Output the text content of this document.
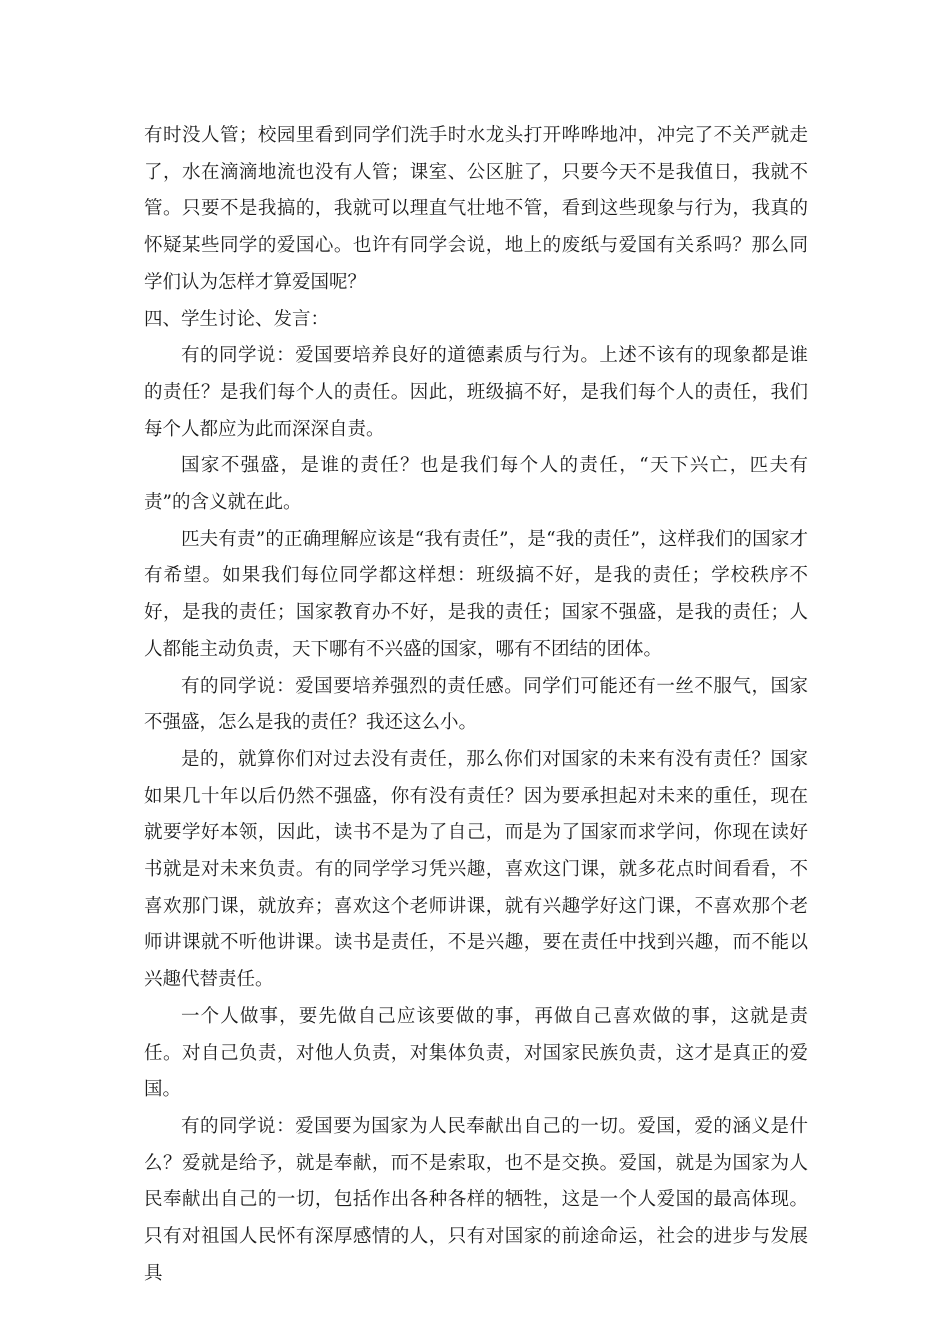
有时没人管；校园里看到同学们洗手时水龙头打开哗哗地冲，冲完了不关严就走了，水在滴滴地流也没有人管；课室、公区脏了，只要今天不是我值日，我就不管。只要不是我搞的，我就可以理直气壮地不管，看到这些现象与行为，我真的怀疑某些同学的爱国心。也许有同学会说，地上的废纸与爱国有关系吗？那么同学们认为怎样才算爱国呢？

四、学生讨论、发言：

有的同学说：爱国要培养良好的道德素质与行为。上述不该有的现象都是谁的责任？是我们每个人的责任。因此，班级搞不好，是我们每个人的责任，我们每个人都应为此而深深自责。

国家不强盛，是谁的责任？也是我们每个人的责任，“天下兴亡，匹夫有责”的含义就在此。

匹夫有责”的正确理解应该是“我有责任”，是“我的责任”，这样我们的国家才有希望。如果我们每位同学都这样想：班级搞不好，是我的责任；学校秩序不好，是我的责任；国家教育办不好，是我的责任；国家不强盛，是我的责任；人人都能主动负责，天下哪有不兴盛的国家，哪有不团结的团体。

有的同学说：爱国要培养强烈的责任感。同学们可能还有一丝不服气，国家不强盛，怎么是我的责任？我还这么小。

是的，就算你们对过去没有责任，那么你们对国家的未来有没有责任？国家如果几十年以后仍然不强盛，你有没有责任？因为要承担起对未来的重任，现在就要学好本领，因此，读书不是为了自己，而是为了国家而求学问，你现在读好书就是对未来负责。有的同学学习凭兴趣，喜欢这门课，就多花点时间看看，不喜欢那门课，就放弃；喜欢这个老师讲课，就有兴趣学好这门课，不喜欢那个老师讲课就不听他讲课。读书是责任，不是兴趣，要在责任中找到兴趣，而不能以兴趣代替责任。

一个人做事，要先做自己应该要做的事，再做自己喜欢做的事，这就是责任。对自己负责，对他人负责，对集体负责，对国家民族负责，这才是真正的爱国。

有的同学说：爱国要为国家为人民奉献出自己的一切。爱国，爱的涵义是什么？爱就是给予，就是奉献，而不是索取，也不是交换。爱国，就是为国家为人民奉献出自己的一切，包括作出各种各样的牺牲，这是一个人爱国的最高体现。只有对祖国人民怀有深厚感情的人，只有对国家的前途命运，社会的进步与发展具
